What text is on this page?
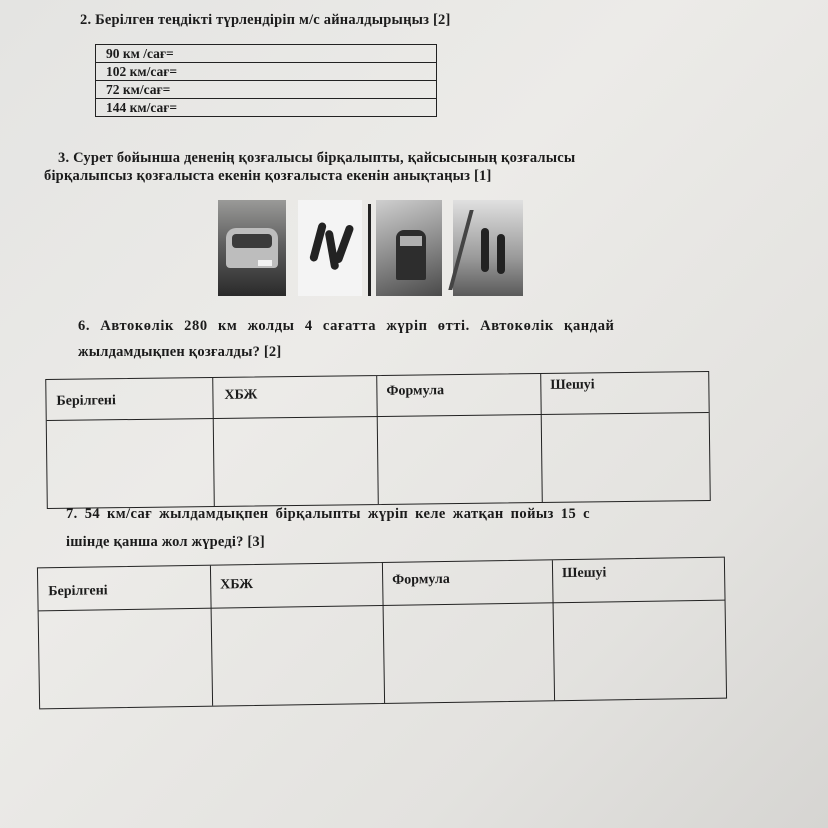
2. Берілген теңдікті түрлендіріп м/с айналдырыңыз [2]
90 км /сағ=
102 км/сағ=
72 км/сағ=
144 км/сағ=
3. Сурет бойынша дененің қозғалысы бірқалыпты, қайсысының қозғалысы
бірқалыпсыз қозғалыста екенін қозғалыста екенін анықтаңыз [1]
6. Автокөлік 280 км жолды 4 сағатта жүріп өтті. Автокөлік қандай
жылдамдықпен қозғалды? [2]
Берілгені	ХБЖ	Формула	Шешуі
7. 54 км/сағ жылдамдықпен бірқалыпты жүріп келе жатқан пойыз 15 с
ішінде қанша жол жүреді? [3]
Берілгені	ХБЖ	Формула	Шешуі
